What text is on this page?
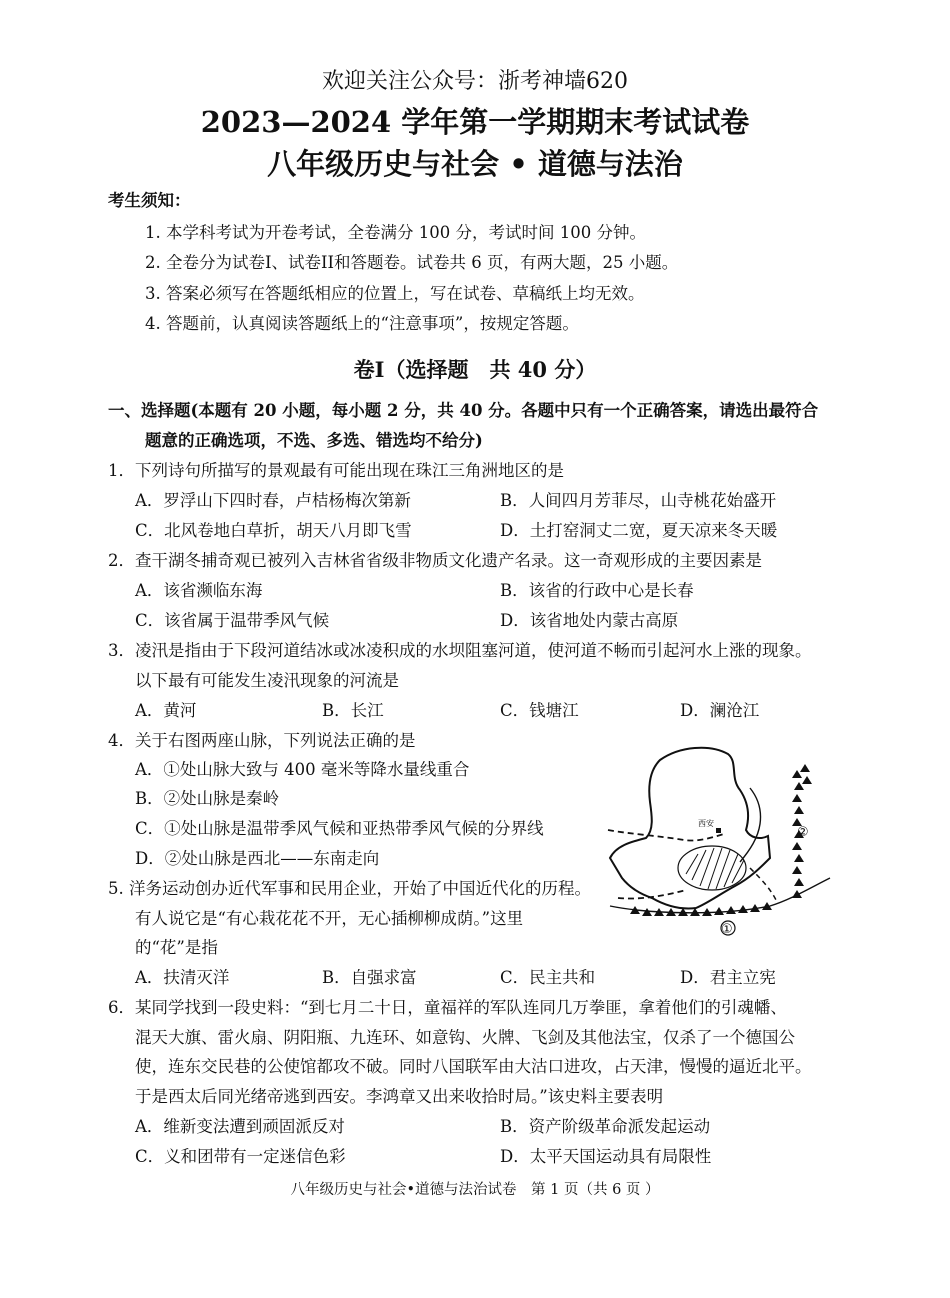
欢迎关注公众号：浙考神墙620
2023—2024 学年第一学期期末考试试卷
八年级历史与社会 • 道德与法治
考生须知：
1. 本学科考试为开卷考试，全卷满分 100 分，考试时间 100 分钟。
2. 全卷分为试卷I、试卷II和答题卷。试卷共 6 页，有两大题，25 小题。
3. 答案必须写在答题纸相应的位置上，写在试卷、草稿纸上均无效。
4. 答题前，认真阅读答题纸上的“注意事项”，按规定答题。
卷I（选择题　共 40 分）
一、选择题(本题有 20 小题，每小题 2 分，共 40 分。各题中只有一个正确答案，请选出最符合
题意的正确选项，不选、多选、错选均不给分)
1．下列诗句所描写的景观最有可能出现在珠江三角洲地区的是
A．罗浮山下四时春，卢桔杨梅次第新	B．人间四月芳菲尽，山寺桃花始盛开
C．北风卷地白草折，胡天八月即飞雪	D．土打窑洞丈二宽，夏天凉来冬天暖
2．查干湖冬捕奇观已被列入吉林省省级非物质文化遗产名录。这一奇观形成的主要因素是
A．该省濒临东海	B．该省的行政中心是长春
C．该省属于温带季风气候	D．该省地处内蒙古高原
3．凌汛是指由于下段河道结冰或冰凌积成的水坝阻塞河道，使河道不畅而引起河水上涨的现象。
以下最有可能发生凌汛现象的河流是
A．黄河	B．长江	C．钱塘江	D．澜沧江
4．关于右图两座山脉，下列说法正确的是
A．①处山脉大致与 400 毫米等降水量线重合
B．②处山脉是秦岭
C．①处山脉是温带季风气候和亚热带季风气候的分界线
D．②处山脉是西北——东南走向
5. 洋务运动创办近代军事和民用企业，开始了中国近代化的历程。
有人说它是“有心栽花花不开，无心插柳柳成荫。”这里
的“花”是指
A．扶清灭洋	B．自强求富	C．民主共和	D．君主立宪
6．某同学找到一段史料：“到七月二十日，童福祥的军队连同几万拳匪，拿着他们的引魂幡、
混天大旗、雷火扇、阴阳瓶、九连环、如意钩、火牌、飞剑及其他法宝，仅杀了一个德国公
使，连东交民巷的公使馆都攻不破。同时八国联军由大沽口进攻，占天津，慢慢的逼近北平。
于是西太后同光绪帝逃到西安。李鸿章又出来收拾时局。”该史料主要表明
A．维新变法遭到顽固派反对	B．资产阶级革命派发起运动
C．义和团带有一定迷信色彩	D．太平天国运动具有局限性
西安
①
②
八年级历史与社会•道德与法治试卷　第 1 页（共 6 页 ）
